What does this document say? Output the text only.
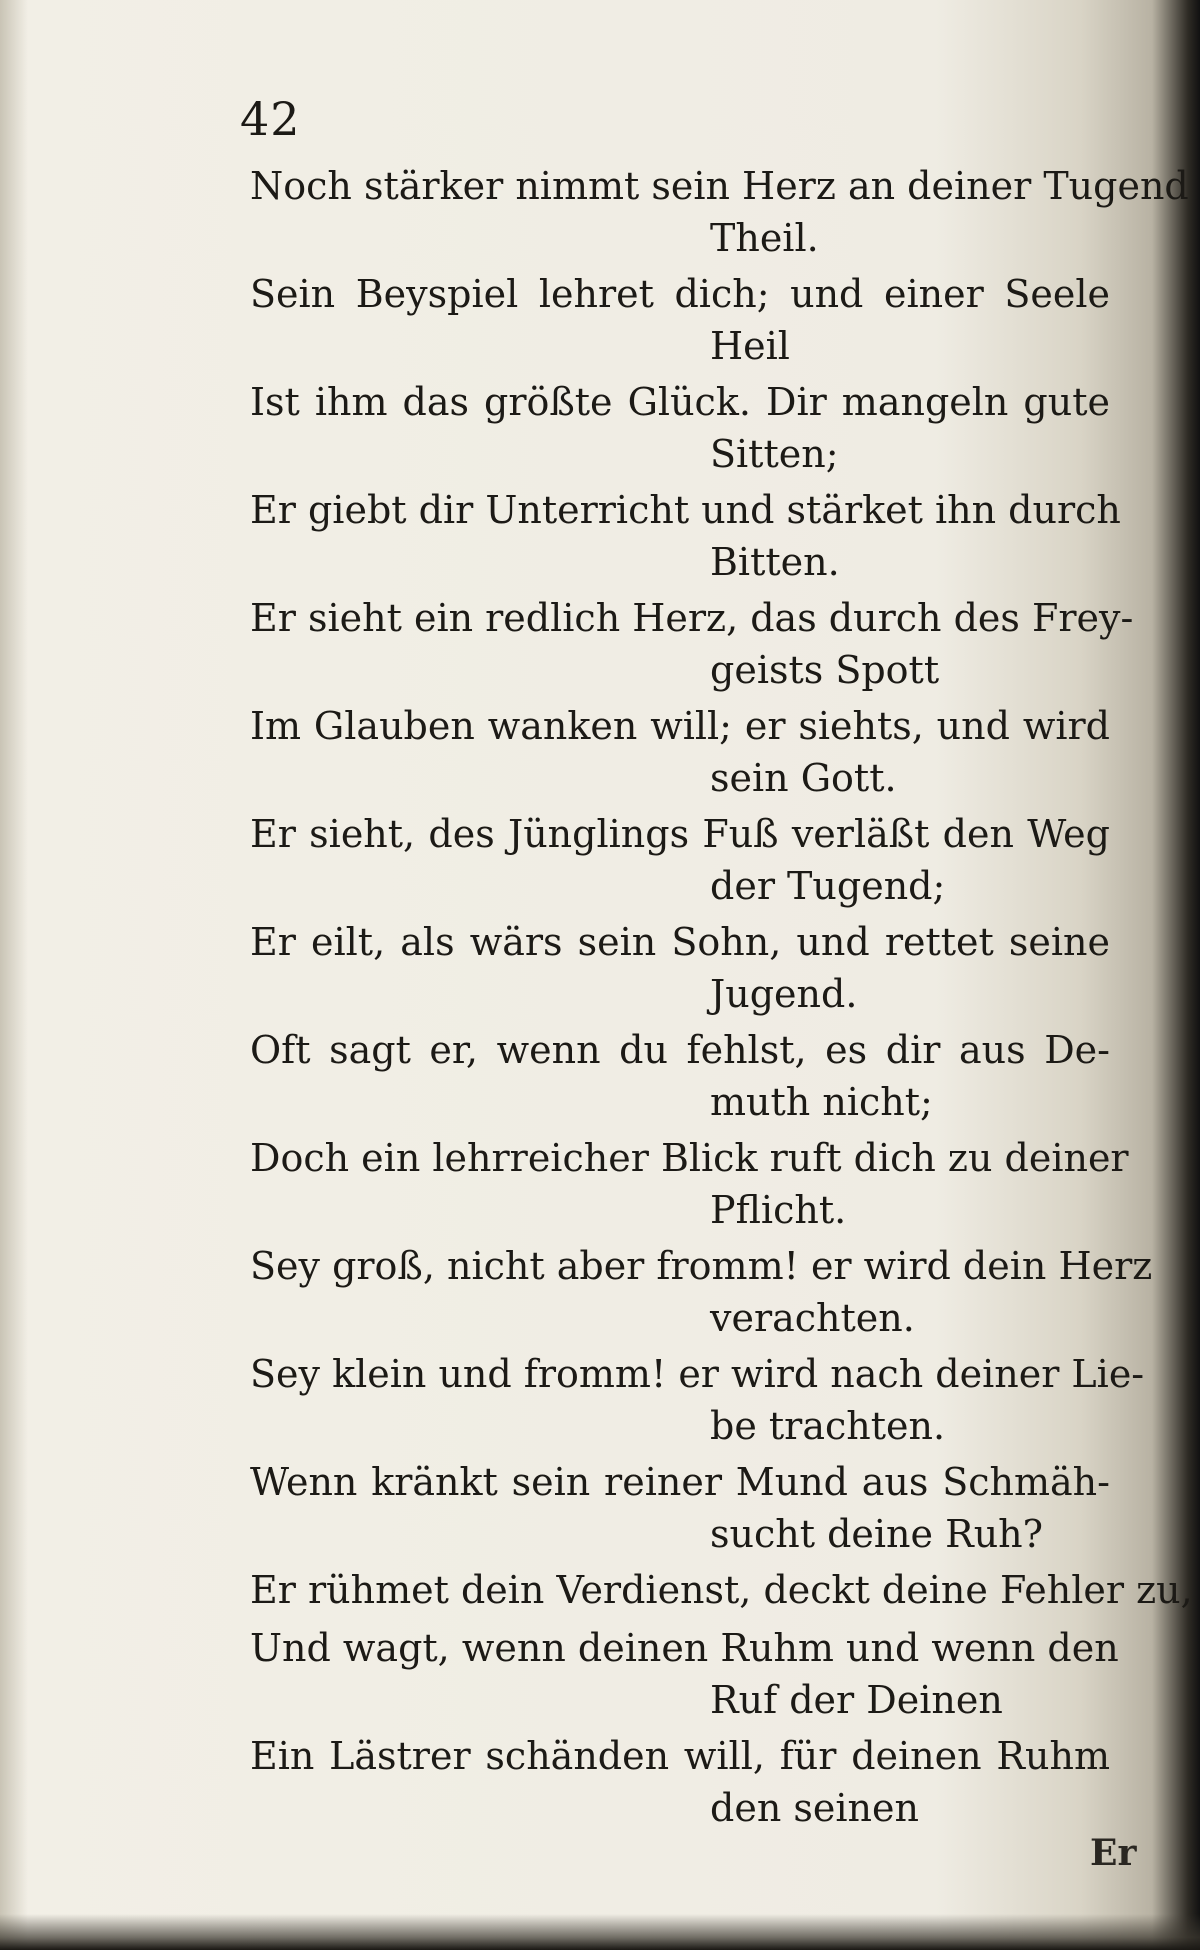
42

Noch stärker nimmt sein Herz an deiner Tugend
Theil.
Sein Beyspiel lehret dich; und einer Seele
Heil
Ist ihm das größte Glück. Dir mangeln gute
Sitten;
Er giebt dir Unterricht und stärket ihn durch
Bitten.
Er sieht ein redlich Herz, das durch des Frey-
geists Spott
Im Glauben wanken will; er siehts, und wird
sein Gott.
Er sieht, des Jünglings Fuß verläßt den Weg
der Tugend;
Er eilt, als wärs sein Sohn, und rettet seine
Jugend.
Oft sagt er, wenn du fehlst, es dir aus De-
muth nicht;
Doch ein lehrreicher Blick ruft dich zu deiner
Pflicht.
Sey groß, nicht aber fromm! er wird dein Herz
verachten.
Sey klein und fromm! er wird nach deiner Lie-
be trachten.
Wenn kränkt sein reiner Mund aus Schmäh-
sucht deine Ruh?
Er rühmet dein Verdienst, deckt deine Fehler zu,
Und wagt, wenn deinen Ruhm und wenn den
Ruf der Deinen
Ein Lästrer schänden will, für deinen Ruhm
den seinen
Er
